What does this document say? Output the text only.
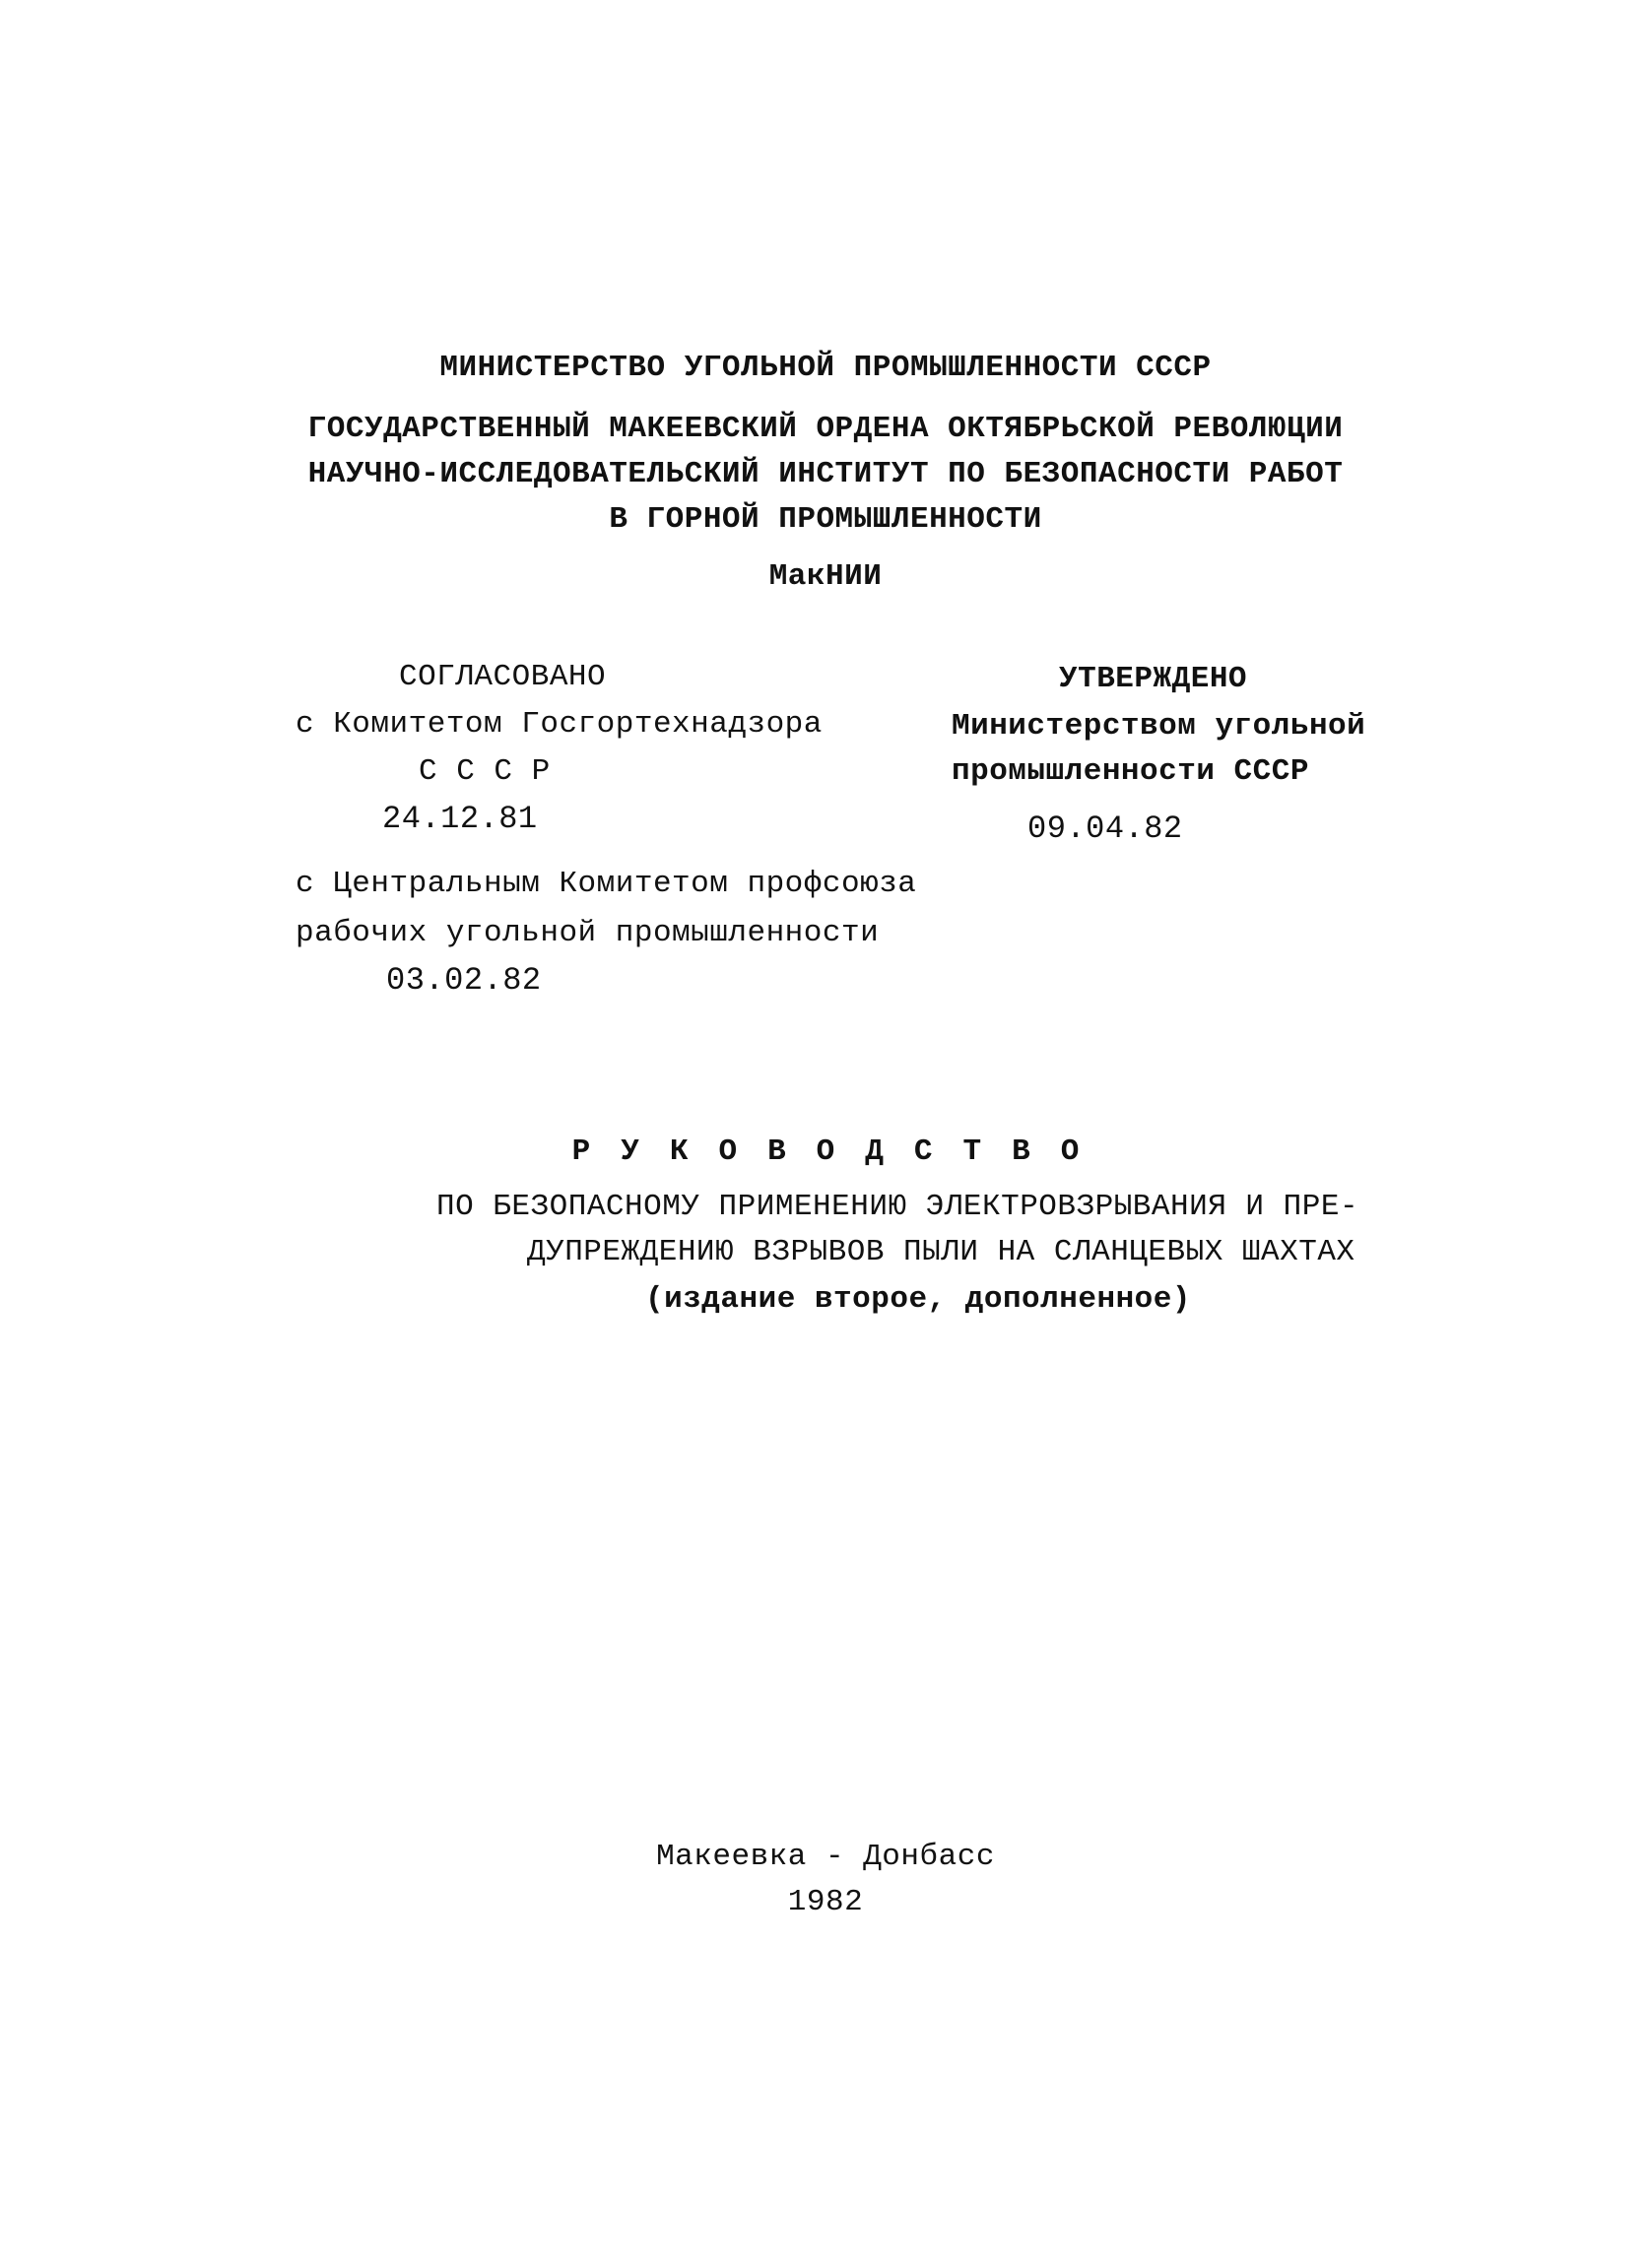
МИНИСТЕРСТВО УГОЛЬНОЙ ПРОМЫШЛЕННОСТИ СССР
ГОСУДАРСТВЕННЫЙ МАКЕЕВСКИЙ ОРДЕНА ОКТЯБРЬСКОЙ РЕВОЛЮЦИИ
НАУЧНО-ИССЛЕДОВАТЕЛЬСКИЙ ИНСТИТУТ ПО БЕЗОПАСНОСТИ РАБОТ
В ГОРНОЙ ПРОМЫШЛЕННОСТИ
МакНИИ
СОГЛАСОВАНО
с Комитетом Госгортехнадзора
С С С Р
24.12.81
с Центральным Комитетом профсоюза
рабочих угольной промышленности
03.02.82
УТВЕРЖДЕНО
Министерством угольной
промышленности СССР
09.04.82
РУКОВОДСТВО
ПО БЕЗОПАСНОМУ ПРИМЕНЕНИЮ ЭЛЕКТРОВЗРЫВАНИЯ И ПРЕ-
ДУПРЕЖДЕНИЮ ВЗРЫВОВ ПЫЛИ НА СЛАНЦЕВЫХ ШАХТАХ
(издание второе, дополненное)
Макеевка - Донбасс
1982
